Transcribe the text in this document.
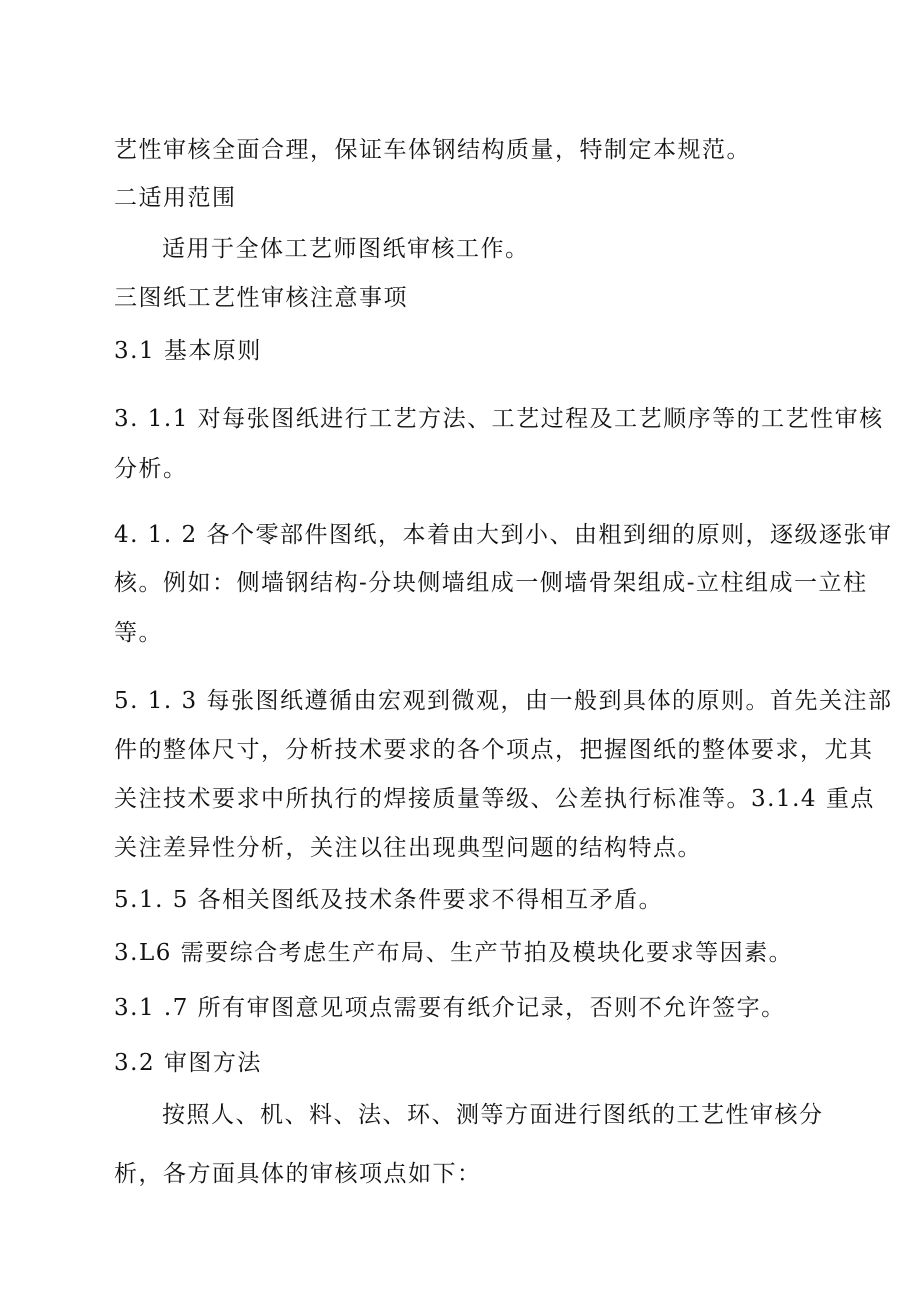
艺性审核全面合理，保证车体钢结构质量，特制定本规范。
二适用范围
适用于全体工艺师图纸审核工作。
三图纸工艺性审核注意事项
3.1 基本原则
3. 1.1 对每张图纸进行工艺方法、工艺过程及工艺顺序等的工艺性审核
分析。
4. 1. 2 各个零部件图纸，本着由大到小、由粗到细的原则，逐级逐张审
核。例如：侧墙钢结构-分块侧墙组成一侧墙骨架组成-立柱组成一立柱
等。
5. 1. 3 每张图纸遵循由宏观到微观，由一般到具体的原则。首先关注部
件的整体尺寸，分析技术要求的各个项点，把握图纸的整体要求，尤其
关注技术要求中所执行的焊接质量等级、公差执行标准等。3.1.4 重点
关注差异性分析，关注以往出现典型问题的结构特点。
5.1. 5 各相关图纸及技术条件要求不得相互矛盾。
3.L6 需要综合考虑生产布局、生产节拍及模块化要求等因素。
3.1 .7 所有审图意见项点需要有纸介记录，否则不允许签字。
3.2 审图方法
按照人、机、料、法、环、测等方面进行图纸的工艺性审核分
析，各方面具体的审核项点如下：
